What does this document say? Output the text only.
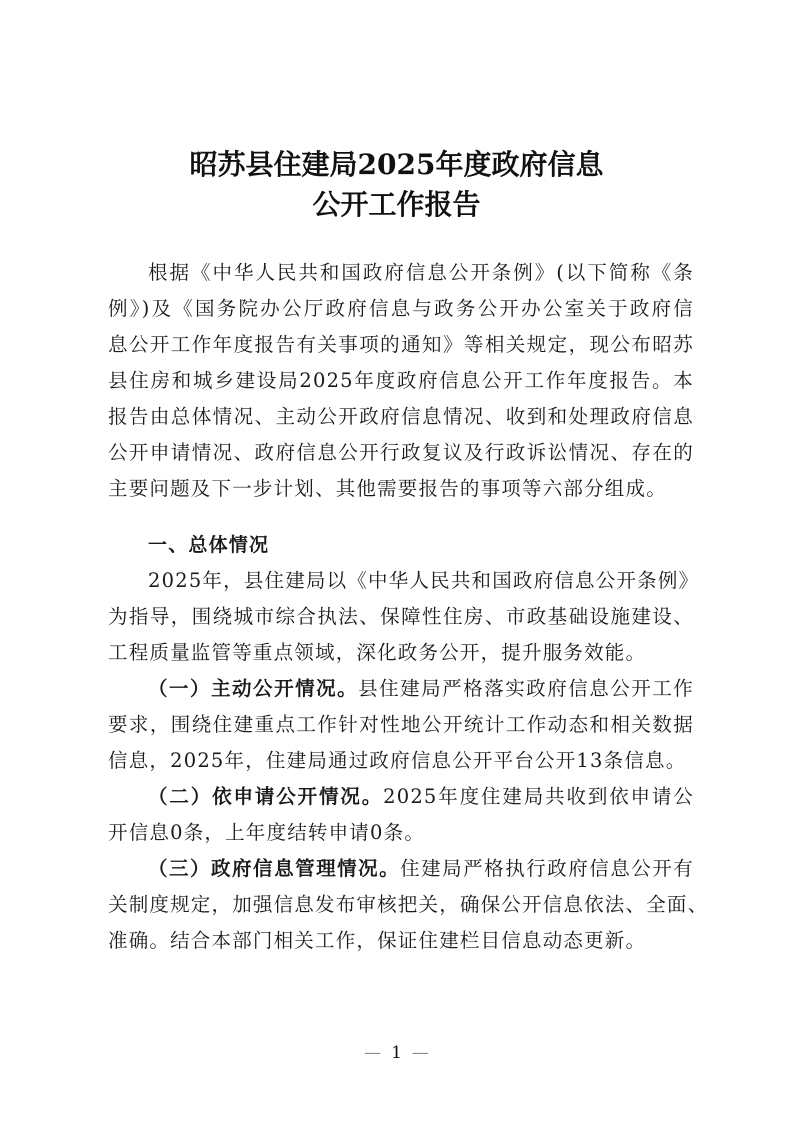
昭苏县住建局2025年度政府信息
公开工作报告
根据《中华人民共和国政府信息公开条例》(以下简称《条
例》)及《国务院办公厅政府信息与政务公开办公室关于政府信
息公开工作年度报告有关事项的通知》等相关规定，现公布昭苏
县住房和城乡建设局2025年度政府信息公开工作年度报告。本
报告由总体情况、主动公开政府信息情况、收到和处理政府信息
公开申请情况、政府信息公开行政复议及行政诉讼情况、存在的
主要问题及下一步计划、其他需要报告的事项等六部分组成。
一、总体情况
2025年，县住建局以《中华人民共和国政府信息公开条例》
为指导，围绕城市综合执法、保障性住房、市政基础设施建设、
工程质量监管等重点领域，深化政务公开，提升服务效能。
（一）主动公开情况。县住建局严格落实政府信息公开工作
要求，围绕住建重点工作针对性地公开统计工作动态和相关数据
信息，2025年，住建局通过政府信息公开平台公开13条信息。
（二）依申请公开情况。2025年度住建局共收到依申请公
开信息0条，上年度结转申请0条。
（三）政府信息管理情况。住建局严格执行政府信息公开有
关制度规定，加强信息发布审核把关，确保公开信息依法、全面、
准确。结合本部门相关工作，保证住建栏目信息动态更新。
— 1 —
